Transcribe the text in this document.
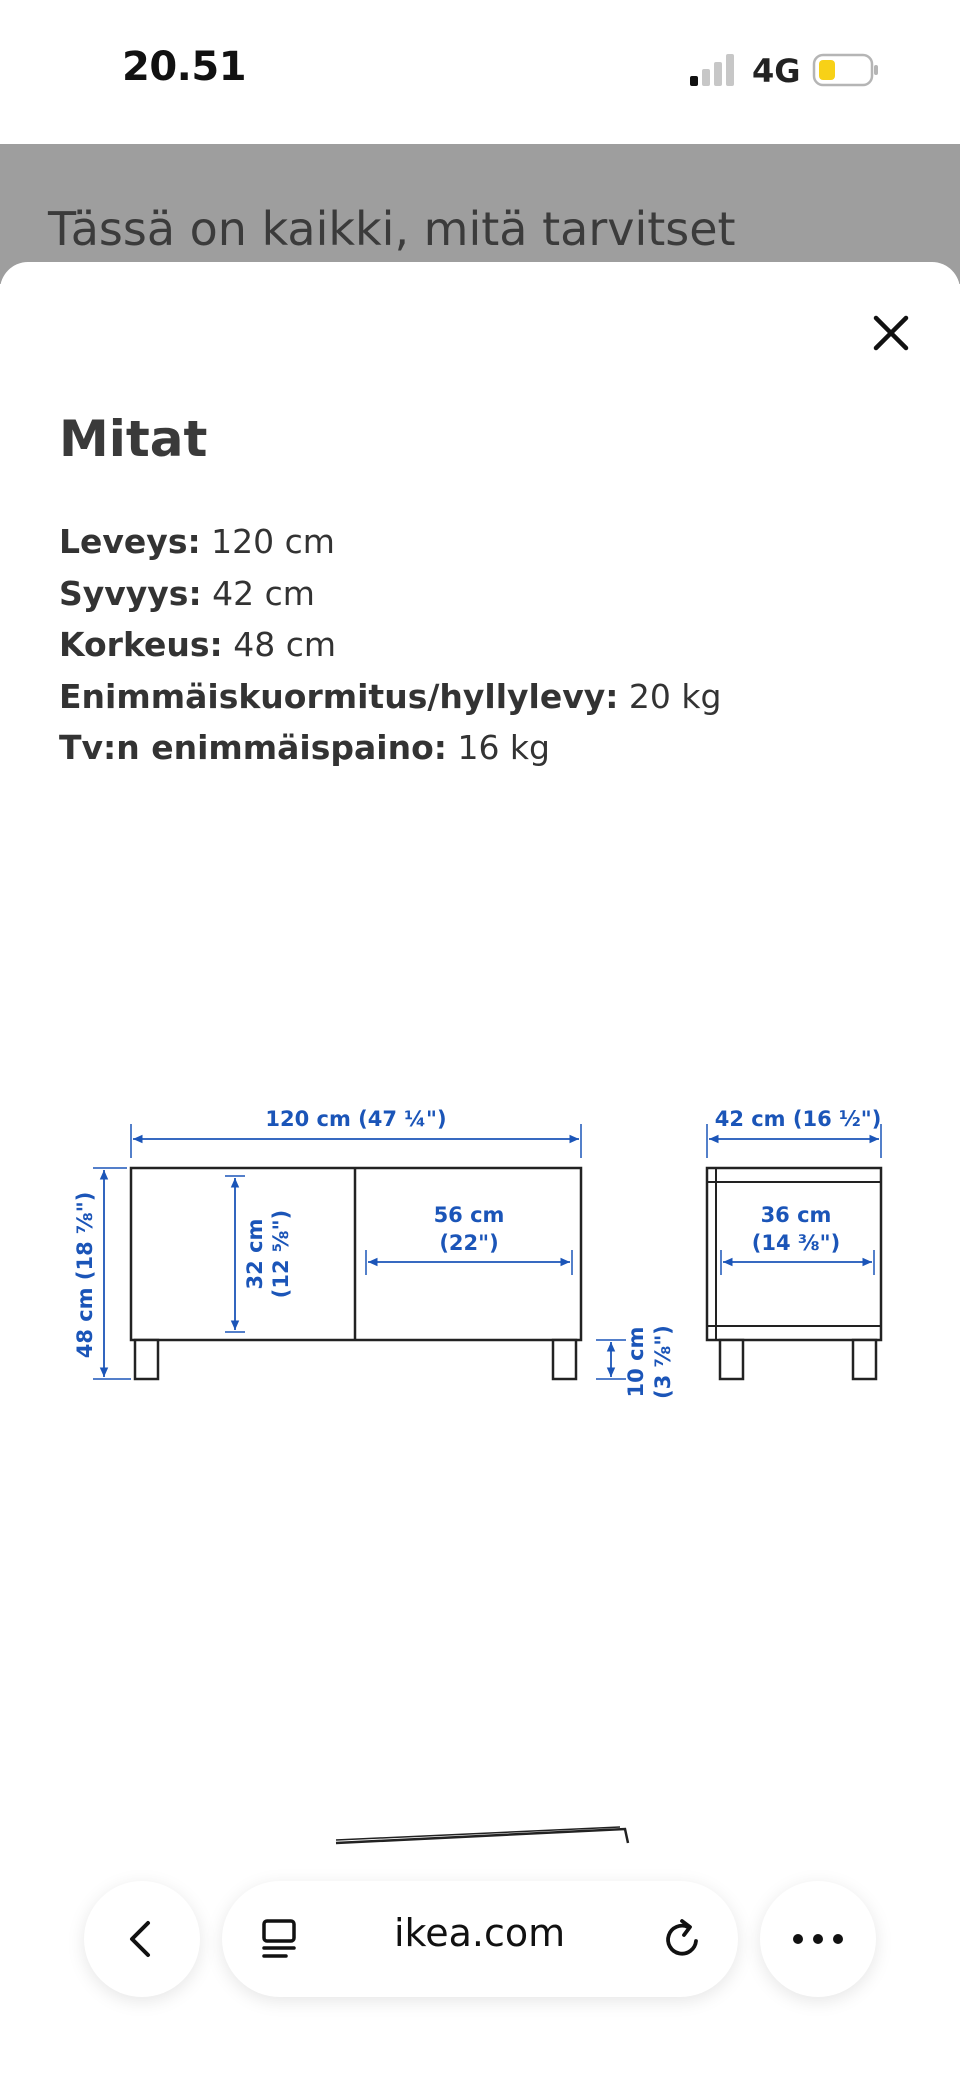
20.51	4G
Tässä on kaikki, mitä tarvitset
Mitat
Leveys: 120 cm
Syvyys: 42 cm
Korkeus: 48 cm
Enimmäiskuormitus/hyllylevy: 20 kg
Tv:n enimmäispaino: 16 kg
120 cm (47 ¼")
48 cm (18 ⅞")	32 cm (12 ⅝")	56 cm
(22")
10 cm (3 ⅞")
42 cm (16 ½")
36 cm
(14 ⅜")
ikea.com
